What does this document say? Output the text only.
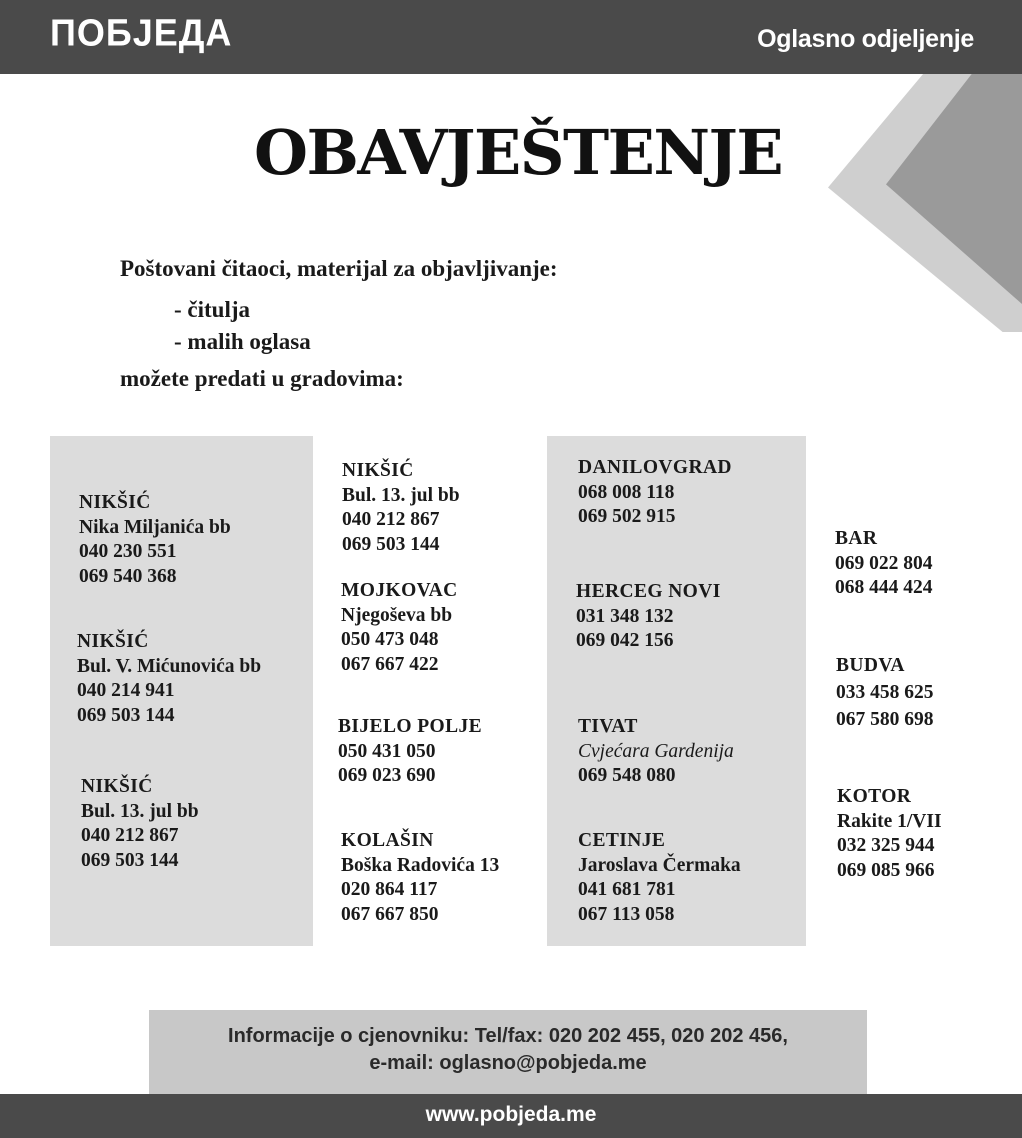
ПОБЈЕДА	Oglasno odjeljenje
OBAVJEŠTENJE
Poštovani čitaoci, materijal za objavljivanje:
- čitulja
- malih oglasa
možete predati u gradovima:
NIKŠIĆ
Nika Miljanića bb
040 230 551
069 540 368
NIKŠIĆ
Bul. V. Mićunovića bb
040 214 941
069 503 144
NIKŠIĆ
Bul. 13. jul bb
040 212 867
069 503 144
NIKŠIĆ
Bul. 13. jul bb
040 212 867
069 503 144
MOJKOVAC
Njegoševa bb
050 473 048
067 667 422
BIJELO POLJE
050 431 050
069 023 690
KOLAŠIN
Boška Radovića 13
020 864 117
067 667 850
DANILOVGRAD
068 008 118
069 502 915
HERCEG NOVI
031 348 132
069 042 156
TIVAT
Cvjećara Gardenija
069 548 080
CETINJE
Jaroslava Čermaka
041 681 781
067 113 058
BAR
069 022 804
068 444 424
BUDVA
033 458 625
067 580 698
KOTOR
Rakite 1/VII
032 325 944
069 085 966
Informacije o cjenovniku: Tel/fax: 020 202 455, 020 202 456,
e-mail: oglasno@pobjeda.me
www.pobjeda.me
